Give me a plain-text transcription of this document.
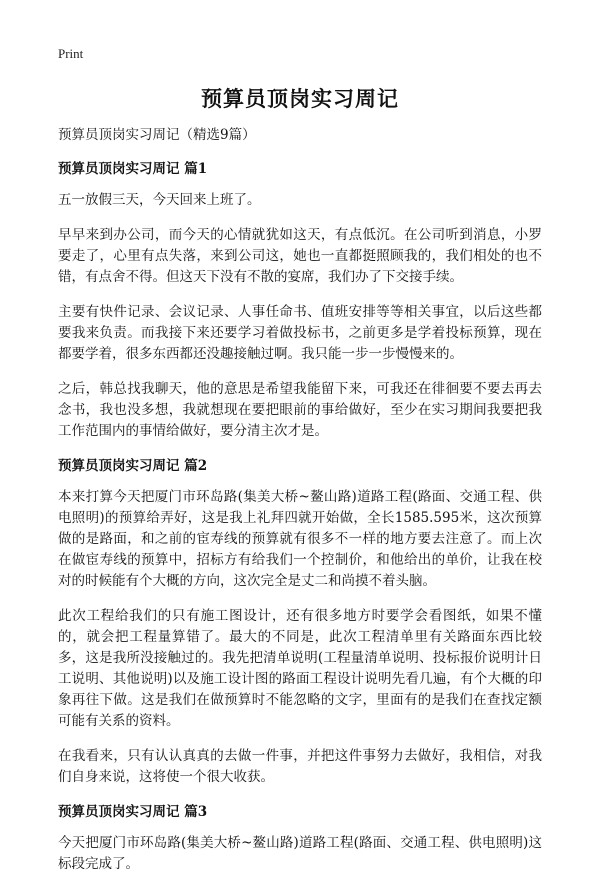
Print
预算员顶岗实习周记

预算员顶岗实习周记（精选9篇）

预算员顶岗实习周记 篇1

五一放假三天，今天回来上班了。

早早来到办公司，而今天的心情就犹如这天，有点低沉。在公司听到消息，小罗要走了，心里有点失落，来到公司这，她也一直都挺照顾我的，我们相处的也不错，有点舍不得。但这天下没有不散的宴席，我们办了下交接手续。

主要有快件记录、会议记录、人事任命书、值班安排等等相关事宜，以后这些都要我来负责。而我接下来还要学习着做投标书，之前更多是学着投标预算，现在都要学着，很多东西都还没趣接触过啊。我只能一步一步慢慢来的。

之后，韩总找我聊天，他的意思是希望我能留下来，可我还在徘徊要不要去再去念书，我也没多想，我就想现在要把眼前的事给做好，至少在实习期间我要把我工作范围内的事情给做好，要分清主次才是。

预算员顶岗实习周记 篇2

本来打算今天把厦门市环岛路(集美大桥~鳌山路)道路工程(路面、交通工程、供电照明)的预算给弄好，这是我上礼拜四就开始做，全长1585.595米，这次预算做的是路面，和之前的宦寿线的预算就有很多不一样的地方要去注意了。而上次在做宦寿线的预算中，招标方有给我们一个控制价，和他给出的单价，让我在校对的时候能有个大概的方向，这次完全是丈二和尚摸不着头脑。

此次工程给我们的只有施工图设计，还有很多地方时要学会看图纸，如果不懂的，就会把工程量算错了。最大的不同是，此次工程清单里有关路面东西比较多，这是我所没接触过的。我先把清单说明(工程量清单说明、投标报价说明计日工说明、其他说明)以及施工设计图的路面工程设计说明先看几遍，有个大概的印象再往下做。这是我们在做预算时不能忽略的文字，里面有的是我们在查找定额可能有关系的资料。

在我看来，只有认认真真的去做一件事，并把这件事努力去做好，我相信，对我们自身来说，这将使一个很大收获。

预算员顶岗实习周记 篇3

今天把厦门市环岛路(集美大桥~鳌山路)道路工程(路面、交通工程、供电照明)这标段完成了。
